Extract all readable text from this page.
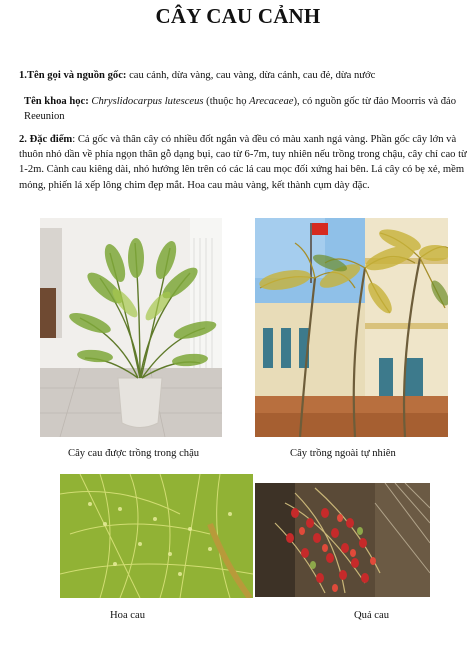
CÂY CAU CẢNH
1.Tên gọi và nguồn gốc: cau cảnh, dừa vàng, cau vàng, dừa cảnh, cau đẻ, dừa nước
Tên khoa học: Chryslidocarpus lutesceus (thuộc họ Arecaceae), có nguồn gốc từ đảo Moorris và đảo Reeunion
2. Đặc điểm: Cả gốc và thân cây có nhiều đốt ngắn và đều có màu xanh ngả vàng. Phần gốc cây lớn và thuôn nhỏ dần về phía ngọn thân gỗ dạng bụi, cao từ 6-7m, tuy nhiên nếu trồng trong chậu, cây chỉ cao từ 1-2m. Cành cau kiêng dài, nhỏ hướng lên trên có các lá cau mọc đối xứng hai bên. Lá cây có bẹ xẻ, mềm mỏng, phiến lá xếp lông chim đẹp mắt. Hoa cau màu vàng, kết thành cụm dày đặc.
Cây cau được trồng trong chậu	Cây trồng ngoài tự nhiên
Hoa cau	Quả cau
